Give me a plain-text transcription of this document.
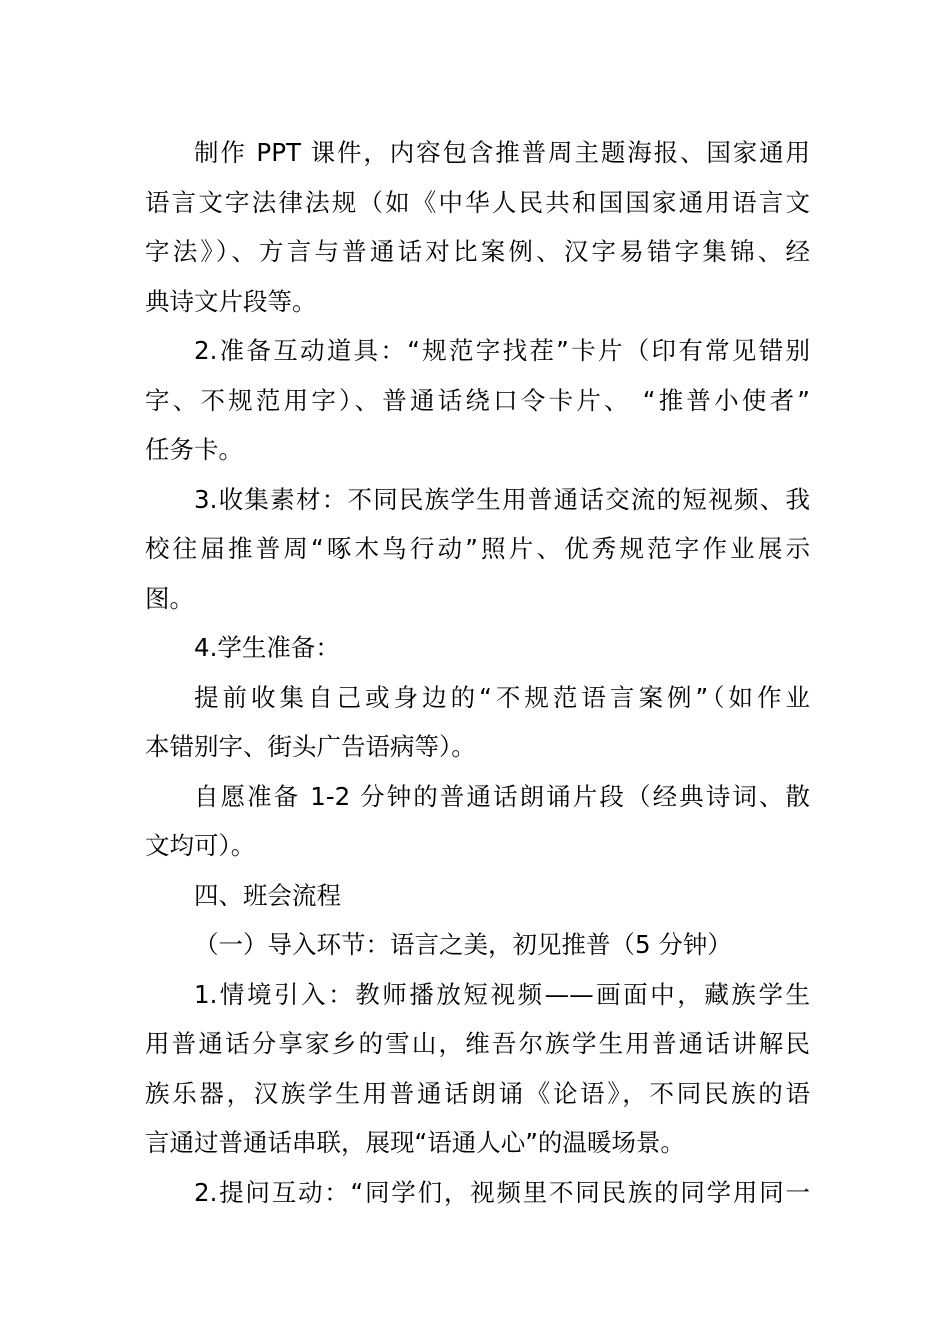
制作 PPT 课件，内容包含推普周主题海报、国家通用
语言文字法律法规（如《中华人民共和国国家通用语言文
字法》）、方言与普通话对比案例、汉字易错字集锦、经
典诗文片段等。
2.准备互动道具：“规范字找茬”卡片（印有常见错别
字、不规范用字）、普通话绕口令卡片、 “推普小使者”
任务卡。
3.收集素材：不同民族学生用普通话交流的短视频、我
校往届推普周“啄木鸟行动”照片、优秀规范字作业展示
图。
4.学生准备：
提前收集自己或身边的“不规范语言案例”（如作业
本错别字、街头广告语病等）。
自愿准备 1-2 分钟的普通话朗诵片段（经典诗词、散
文均可）。
四、班会流程
（一）导入环节：语言之美，初见推普（5 分钟）
1.情境引入：教师播放短视频——画面中，藏族学生
用普通话分享家乡的雪山，维吾尔族学生用普通话讲解民
族乐器，汉族学生用普通话朗诵《论语》，不同民族的语
言通过普通话串联，展现“语通人心”的温暖场景。
2.提问互动：“同学们，视频里不同民族的同学用同一
